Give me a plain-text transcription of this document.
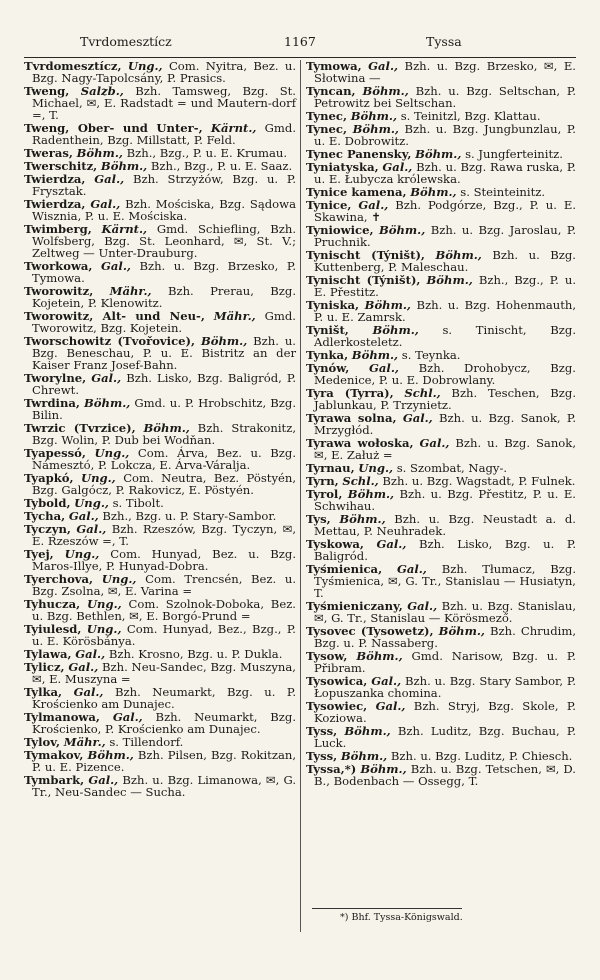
Tvrdomesztícz	1167	Tyssa

Tvrdomesztícz, Ung., Com. Nyitra, Bez. u. Bzg. Nagy-Tapolcsány, P. Prasics.

Tweng, Salzb., Bzh. Tamsweg, Bzg. St. Michael, ✉, E. Radstadt = und Mautern-dorf =, T.

Tweng, Ober- und Unter-, Kärnt., Gmd. Radenthein, Bzg. Millstatt, P. Feld.

Tweras, Böhm., Bzh., Bzg., P. u. E. Krumau.

Twerschitz, Böhm., Bzh., Bzg., P. u. E. Saaz.

Twierdza, Gal., Bzh. Strzyżów, Bzg. u. P. Frysztak.

Twierdza, Gal., Bzh. Mościska, Bzg. Sądowa Wisznia, P. u. E. Mościska.

Twimberg, Kärnt., Gmd. Schiefling, Bzh. Wolfsberg, Bzg. St. Leonhard, ✉, St. V.; Zeltweg — Unter-Drauburg.

Tworkowa, Gal., Bzh. u. Bzg. Brzesko, P. Tymowa.

Tworowitz, Mähr., Bzh. Prerau, Bzg. Kojetein, P. Klenowitz.

Tworowitz, Alt- und Neu-, Mähr., Gmd. Tworowitz, Bzg. Kojetein.

Tworschowitz (Tvořovice), Böhm., Bzh. u. Bzg. Beneschau, P. u. E. Bistritz an der Kaiser Franz Josef-Bahn.

Tworylne, Gal., Bzh. Lisko, Bzg. Baligród, P. Chrewt.

Twrdina, Böhm., Gmd. u. P. Hrobschitz, Bzg. Bilin.

Twrzic (Tvrzice), Böhm., Bzh. Strakonitz, Bzg. Wolin, P. Dub bei Wodňan.

Tyapessó, Ung., Com. Árva, Bez. u. Bzg. Námesztó, P. Lokcza, E. Árva-Váralja.

Tyapkó, Ung., Com. Neutra, Bez. Pöstyén, Bzg. Galgócz, P. Rakovicz, E. Pöstyén.

Tybold, Ung., s. Tibolt.

Tycha, Gal., Bzh., Bzg. u. P. Stary-Sambor.

Tyczyn, Gal., Bzh. Rzeszów, Bzg. Tyczyn, ✉, E. Rzeszów =, T.

Tyej, Ung., Com. Hunyad, Bez. u. Bzg. Maros-Illye, P. Hunyad-Dobra.

Tyerchova, Ung., Com. Trencsén, Bez. u. Bzg. Zsolna, ✉, E. Varina =

Tyhucza, Ung., Com. Szolnok-Doboka, Bez. u. Bzg. Bethlen, ✉, E. Borgó-Prund =

Tyiulesd, Ung., Com. Hunyad, Bez., Bzg., P. u. E. Körösbánya.

Tylawa, Gal., Bzh. Krosno, Bzg. u. P. Dukla.

Tylicz, Gal., Bzh. Neu-Sandec, Bzg. Muszyna, ✉, E. Muszyna =

Tylka, Gal., Bzh. Neumarkt, Bzg. u. P. Krościenko am Dunajec.

Tylmanowa, Gal., Bzh. Neumarkt, Bzg. Krościenko, P. Krościenko am Dunajec.

Tylov, Mähr., s. Tillendorf.

Tymakov, Böhm., Bzh. Pilsen, Bzg. Rokitzan, P. u. E. Pizence.

Tymbark, Gal., Bzh. u. Bzg. Limanowa, ✉, G. Tr., Neu-Sandec — Sucha.

Tymowa, Gal., Bzh. u. Bzg. Brzesko, ✉, E. Słotwina —

Tyncan, Böhm., Bzh. u. Bzg. Seltschan, P. Petrowitz bei Seltschan.

Tynec, Böhm., s. Teinitzl, Bzg. Klattau.

Tynec, Böhm., Bzh. u. Bzg. Jungbunzlau, P. u. E. Dobrowitz.

Tynec Panensky, Böhm., s. Jungferteinitz.

Tyniatyska, Gal., Bzh. u. Bzg. Rawa ruska, P. u. E. Łubycza królewska.

Tynice kamena, Böhm., s. Steinteinitz.

Tynice, Gal., Bzh. Podgórze, Bzg., P. u. E. Skawina, ✝

Tyniowice, Böhm., Bzh. u. Bzg. Jaroslau, P. Pruchnik.

Tynischt (Týništ), Böhm., Bzh. u. Bzg. Kuttenberg, P. Maleschau.

Tynischt (Týništ), Böhm., Bzh., Bzg., P. u. E. Přestitz.

Tyniska, Böhm., Bzh. u. Bzg. Hohenmauth, P. u. E. Zamrsk.

Tyništ, Böhm., s. Tinischt, Bzg. Adlerkosteletz.

Tynka, Böhm., s. Teynka.

Tynów, Gal., Bzh. Drohobycz, Bzg. Medenice, P. u. E. Dobrowlany.

Tyra (Tyrra), Schl., Bzh. Teschen, Bzg. Jablunkau, P. Trzynietz.

Tyrawa solna, Gal., Bzh. u. Bzg. Sanok, P. Mrzygłód.

Tyrawa wołoska, Gal., Bzh. u. Bzg. Sanok, ✉, E. Załuż =

Tyrnau, Ung., s. Szombat, Nagy-.

Tyrn, Schl., Bzh. u. Bzg. Wagstadt, P. Fulnek.

Tyrol, Böhm., Bzh. u. Bzg. Přestitz, P. u. E. Schwihau.

Tys, Böhm., Bzh. u. Bzg. Neustadt a. d. Mettau, P. Neuhradek.

Tyskowa, Gal., Bzh. Lisko, Bzg. u. P. Baligród.

Tyśmienica, Gal., Bzh. Tłumacz, Bzg. Tyśmienica, ✉, G. Tr., Stanislau — Husiatyn, T.

Tyśmieniczany, Gal., Bzh. u. Bzg. Stanislau, ✉, G. Tr., Stanislau — Körösmező.

Tysovec (Tysowetz), Böhm., Bzh. Chrudim, Bzg. u. P. Nassaberg.

Tysow, Böhm., Gmd. Narisow, Bzg. u. P. Přibram.

Tysowica, Gal., Bzh. u. Bzg. Stary Sambor, P. Łopuszanka chomina.

Tysowiec, Gal., Bzh. Stryj, Bzg. Skole, P. Koziowa.

Tyss, Böhm., Bzh. Luditz, Bzg. Buchau, P. Luck.

Tyss, Böhm., Bzh. u. Bzg. Luditz, P. Chiesch.

Tyssa,*) Böhm., Bzh. u. Bzg. Tetschen, ✉, D. B., Bodenbach — Ossegg, T.

*) Bhf. Tyssa-Königswald.
